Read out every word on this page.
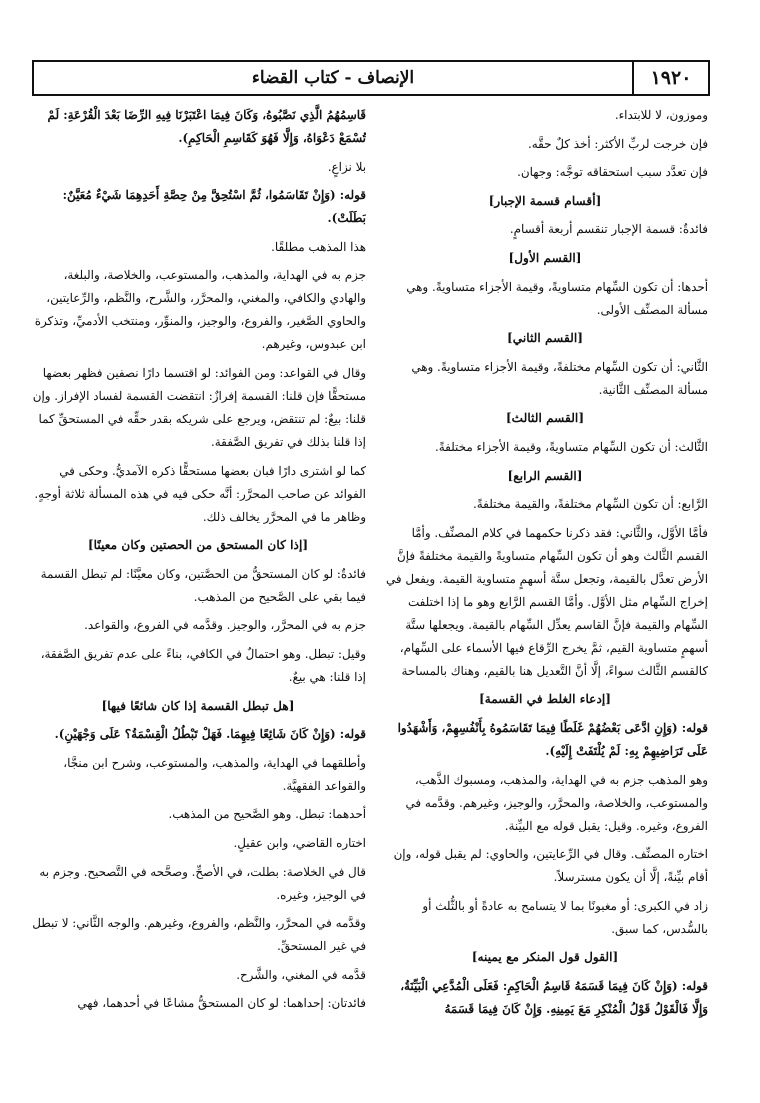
١٩٢٠
الإنصاف - كتاب القضاء

وموزون، لا للابتداء.

فإن خرجت لربِّ الأكثر: أخذ كلٌ حقَّه.

فإن تعدَّد سبب استحقاقه توجَّه: وجهان.

[أقسام قسمة الإجبار]

فائدةٌ: قسمة الإجبار تنقسم أربعة أقسامٍ.

[القسم الأول]

أحدها: أن تكون السِّهام متساويةً، وقيمة الأجزاء متساويةً. وهي مسألة المصنِّف الأولى.

[القسم الثاني]

الثَّاني: أن تكون السِّهام مختلفةً، وقيمة الأجزاء متساويةً. وهي مسألة المصنِّف الثَّانية.

[القسم الثالث]

الثَّالث: أن تكون السِّهام متساويةً، وقيمة الأجزاء مختلفةً.

[القسم الرابع]

الرَّابع: أن تكون السِّهام مختلفةً، والقيمة مختلفةً.

فأمَّا الأوَّل، والثَّاني: فقد ذكرنا حكمهما في كلام المصنِّف. وأمَّا القسم الثَّالث وهو أن تكون السِّهام متساويةً والقيمة مختلفةً فإنَّ الأرض تعدَّل بالقيمة، وتجعل ستَّة أسهمٍ متساوية القيمة. ويفعل في إخراج السِّهام مثل الأوَّل. وأمَّا القسم الرَّابع وهو ما إذا اختلفت السِّهام والقيمة فإنَّ القاسم يعدِّل السِّهام بالقيمة. ويجعلها ستَّة أسهمٍ متساوية القيم، ثمَّ يخرج الرِّقاع فيها الأسماء على السِّهام، كالقسم الثَّالث سواءً، إلَّا أنَّ التَّعديل هنا بالقيم، وهناك بالمساحة

[إدعاء الغلط في القسمة]

قوله: (وَإِنِ ادَّعَى بَعْضُهُمْ غَلَطًا فِيمَا تَقَاسَمُوهُ بِأَنْفُسِهِمْ، وَأَشْهَدُوا عَلَى تَرَاضِيهِمْ بِهِ: لَمْ يُلْتَفَتْ إِلَيْهِ).

وهو المذهب جزم به في الهداية، والمذهب، ومسبوك الذَّهب، والمستوعب، والخلاصة، والمحرَّر، والوجيز، وغيرهم. وقدَّمه في الفروع، وغيره. وقيل: يقبل قوله مع البيِّنة.

اختاره المصنِّف. وقال في الرِّعايتين، والحاوي: لم يقبل قوله، وإن أقام بيِّنةً، إلَّا أن يكون مسترسلاً.

زاد في الكبرى: أو مغبونًا بما لا يتسامح به عادةً أو بالثُّلث أو بالسُّدس، كما سبق.

[القول قول المنكر مع يمينه]

قوله: (وَإِنْ كَانَ فِيمَا قَسَمَهُ قَاسِمُ الْحَاكِمِ: فَعَلَى الْمُدَّعِي الْبَيِّنَةُ، وَإِلَّا فَالْقَوْلُ قَوْلُ الْمُنْكِرِ مَعَ يَمِينِهِ. وَإِنْ كَانَ فِيمَا قَسَمَهُ

قَاسِمُهُمُ الَّذِي نَصَّبُوهُ، وَكَانَ فِيمَا اعْتَبَرْنَا فِيهِ الرِّضَا بَعْدَ الْقُرْعَةِ: لَمْ تُسْمَعْ دَعْوَاهُ، وَإِلَّا فَهُوَ كَقَاسِمِ الْحَاكِمِ).

بلا نزاعٍ.

قوله: (وَإِنْ تَقَاسَمُوا، ثُمَّ اسْتُحِقَّ مِنْ حِصَّةِ أَحَدِهِمَا شَيْءٌ مُعَيَّنٌ: بَطَلَتْ).

هذا المذهب مطلقًا.

جزم به في الهداية، والمذهب، والمستوعب، والخلاصة، والبلغة، والهادي والكافي، والمغني، والمحرَّر، والشَّرح، والنَّظم، والرِّعايتين، والحاوي الصَّغير، والفروع، والوجيز، والمنوِّر، ومنتخب الأدميِّ، وتذكرة ابن عبدوس، وغيرهم.

وقال في القواعد: ومن الفوائد: لو اقتسما دارًا نصفين فظهر بعضها مستحقًّا فإن قلنا: القسمة إفرازٌ: انتقضت القسمة لفساد الإفراز. وإن قلنا: بيعٌ: لم تنتقض، ويرجع على شريكه بقدر حقِّه في المستحقِّ كما إذا قلنا بذلك في تفريق الصَّفقة.

كما لو اشترى دارًا فبان بعضها مستحقًّا ذكره الآمديُّ. وحكى في الفوائد عن صاحب المحرَّر: أنَّه حكى فيه في هذه المسألة ثلاثة أوجهٍ. وظاهر ما في المحرَّر يخالف ذلك.

[إذا كان المستحق من الحصتين وكان معينًا]

فائدةٌ: لو كان المستحقُّ من الحصَّتين، وكان معيَّنًا: لم تبطل القسمة فيما بقي على الصَّحيح من المذهب.

جزم به في المحرَّر، والوجيز. وقدَّمه في الفروع، والقواعد.

وقيل: تبطل. وهو احتمالٌ في الكافي، بناءً على عدم تفريق الصَّفقة، إذا قلنا: هي بيعٌ.

[هل تبطل القسمة إذا كان شائعًا فيها]

قوله: (وَإِنْ كَانَ شَائِعًا فِيهِمَا. فَهَلْ تَبْطُلُ الْقِسْمَةُ؟ عَلَى وَجْهَيْنِ).

وأطلقهما في الهداية، والمذهب، والمستوعب، وشرح ابن منجَّا، والقواعد الفقهيَّة.

أحدهما: تبطل. وهو الصَّحيح من المذهب.

اختاره القاضي، وابن عقيلٍ.

قال في الخلاصة: بطلت، في الأصحِّ. وصحَّحه في التَّصحيح. وجزم به في الوجيز، وغيره.

وقدَّمه في المحرَّر، والنَّظم، والفروع، وغيرهم. والوجه الثَّاني: لا تبطل في غير المستحقِّ.

قدَّمه في المغني، والشَّرح.

فائدتان: إحداهما: لو كان المستحقُّ مشاعًا في أحدهما، فهي
